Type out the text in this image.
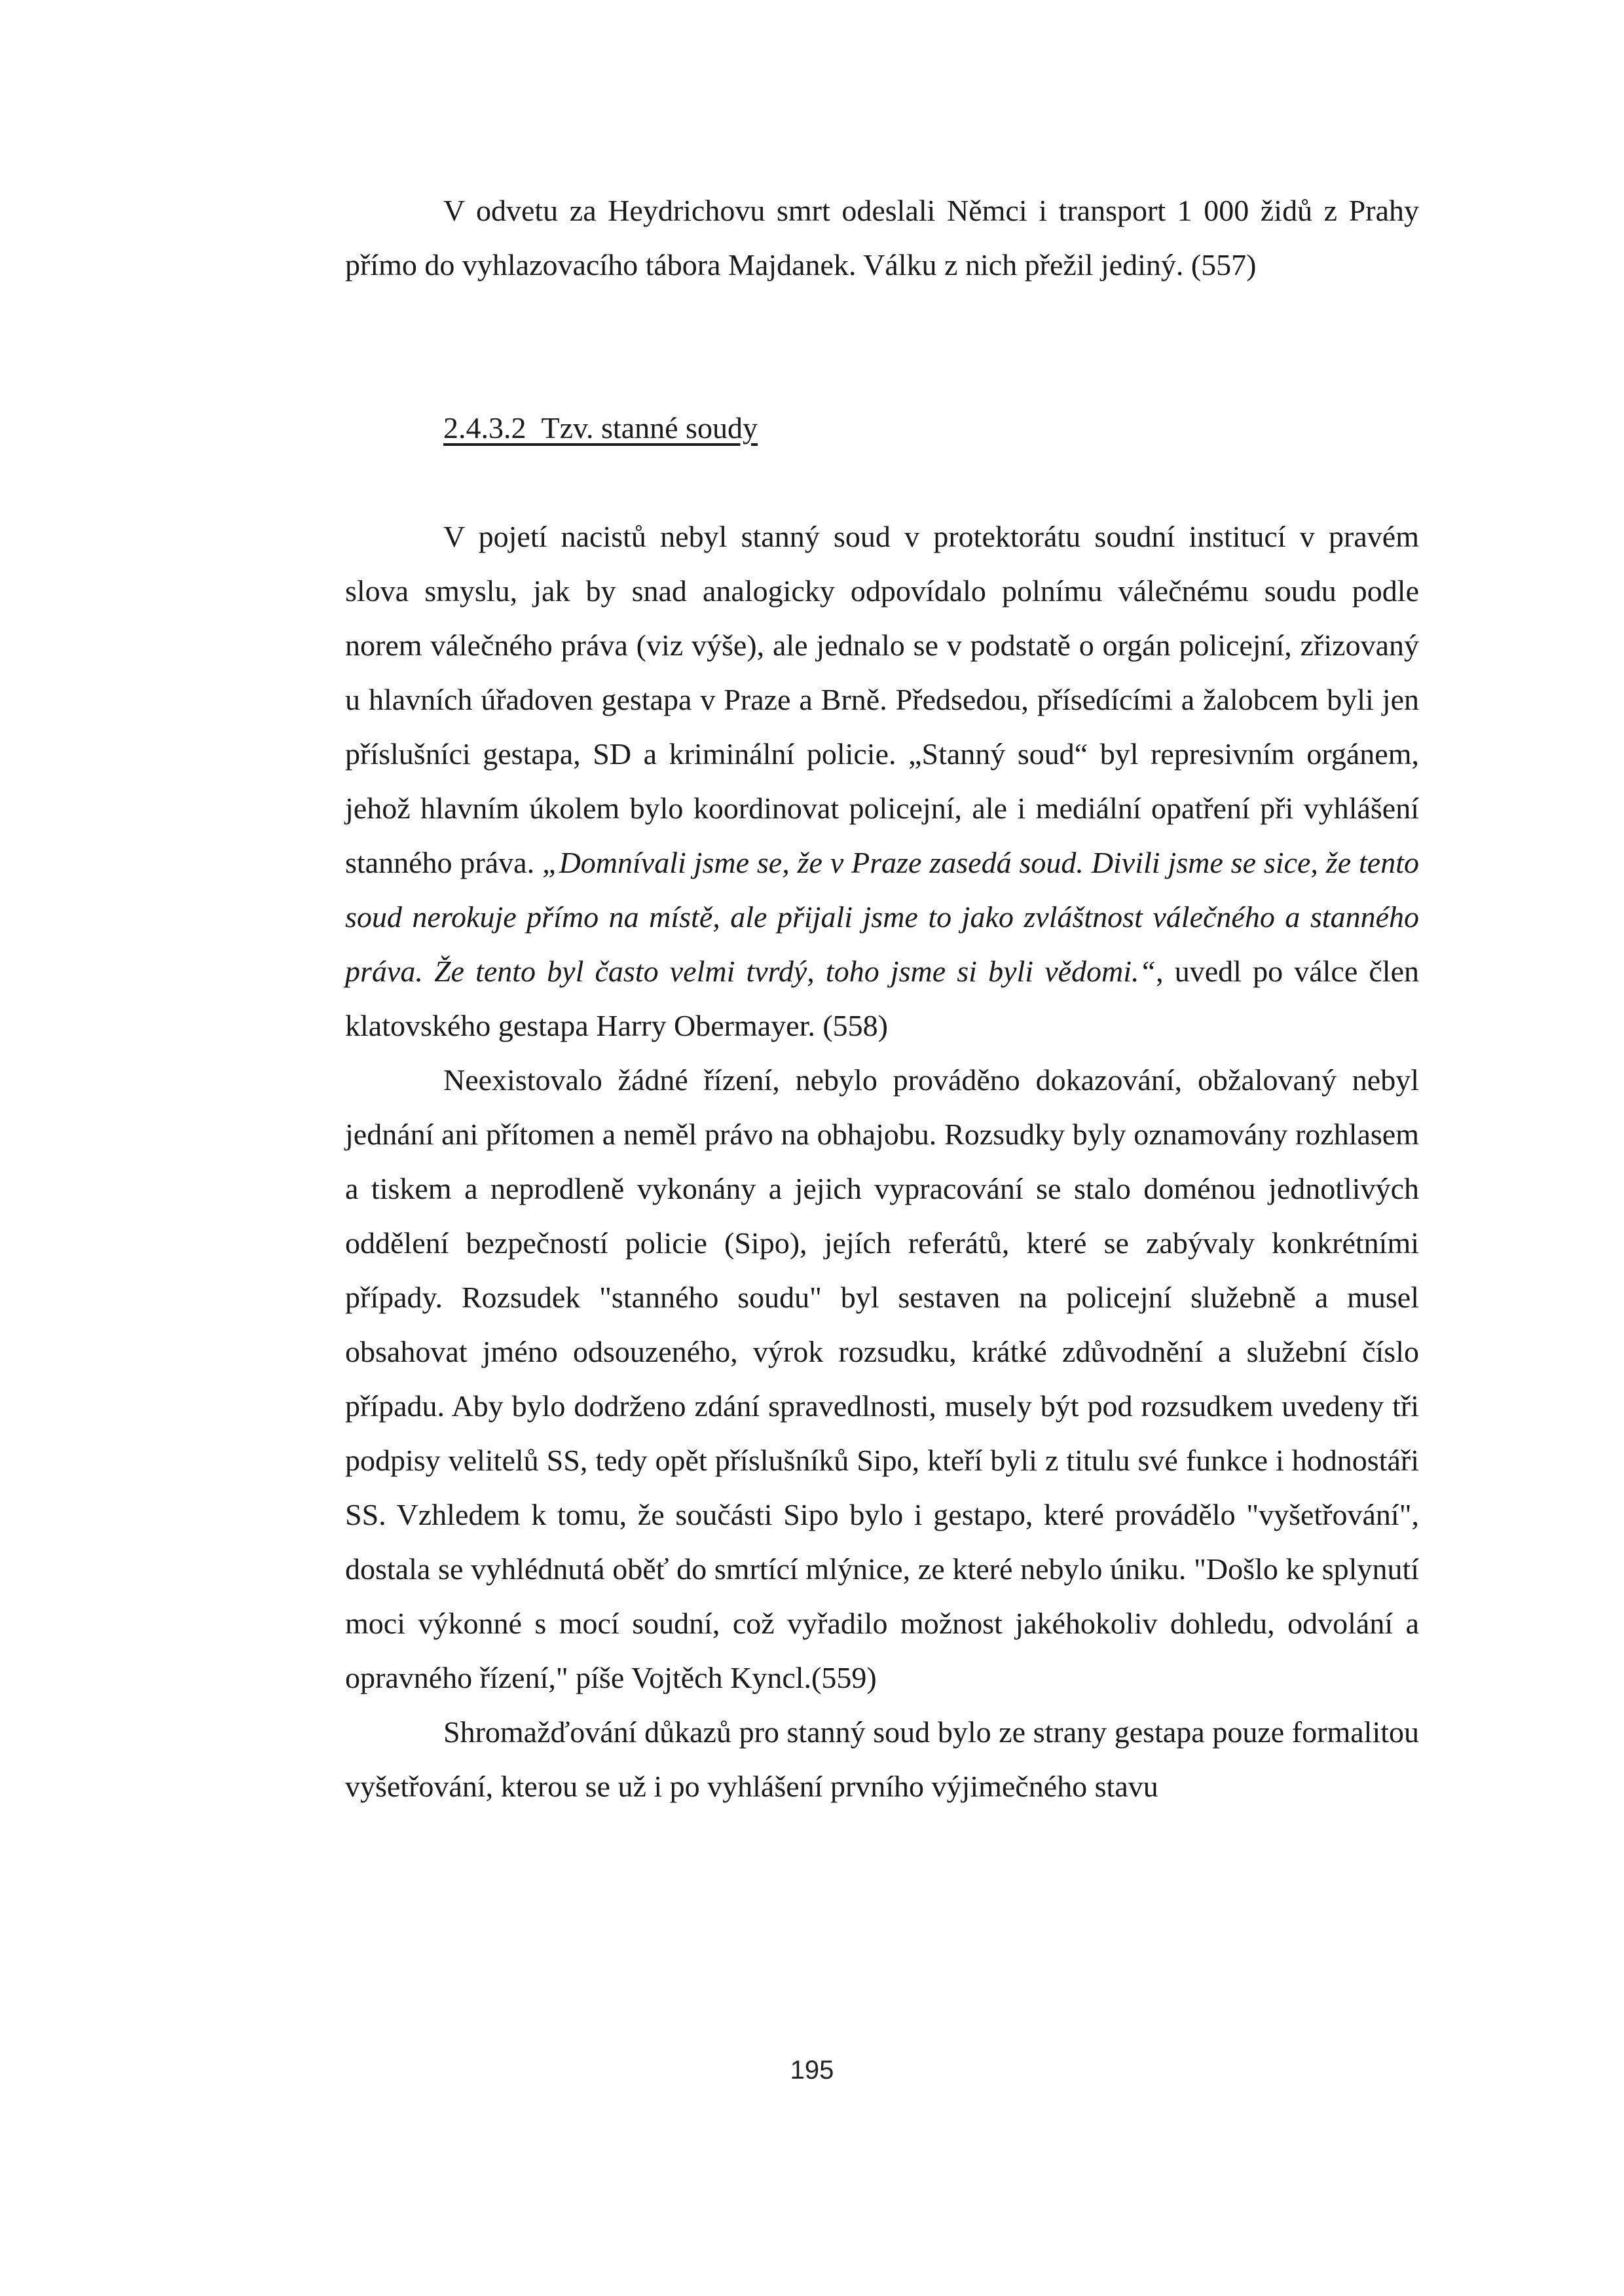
V odvetu za Heydrichovu smrt odeslali Němci i transport 1 000 židů z Prahy přímo do vyhlazovacího tábora Majdanek. Válku z nich přežil jediný. (557)

2.4.3.2 Tzv. stanné soudy

V pojetí nacistů nebyl stanný soud v protektorátu soudní institucí v pravém slova smyslu, jak by snad analogicky odpovídalo polnímu válečnému soudu podle norem válečného práva (viz výše), ale jednalo se v podstatě o orgán policejní, zřizovaný u hlavních úřadoven gestapa v Praze a Brně. Předsedou, přísedícími a žalobcem byli jen příslušníci gestapa, SD a kriminální policie. „Stanný soud“ byl represivním orgánem, jehož hlavním úkolem bylo koordinovat policejní, ale i mediální opatření při vyhlášení stanného práva. „Domnívali jsme se, že v Praze zasedá soud. Divili jsme se sice, že tento soud nerokuje přímo na místě, ale přijali jsme to jako zvláštnost válečného a stanného práva. Že tento byl často velmi tvrdý, toho jsme si byli vědomi.“, uvedl po válce člen klatovského gestapa Harry Obermayer. (558)

Neexistovalo žádné řízení, nebylo prováděno dokazování, obžalovaný nebyl jednání ani přítomen a neměl právo na obhajobu. Rozsudky byly oznamovány rozhlasem a tiskem a neprodleně vykonány a jejich vypracování se stalo doménou jednotlivých oddělení bezpečností policie (Sipo), jejích referátů, které se zabývaly konkrétními případy. Rozsudek "stanného soudu" byl sestaven na policejní služebně a musel obsahovat jméno odsouzeného, výrok rozsudku, krátké zdůvodnění a služební číslo případu. Aby bylo dodrženo zdání spravedlnosti, musely být pod rozsudkem uvedeny tři podpisy velitelů SS, tedy opět příslušníků Sipo, kteří byli z titulu své funkce i hodnostáři SS. Vzhledem k tomu, že součásti Sipo bylo i gestapo, které provádělo "vyšetřování", dostala se vyhlédnutá oběť do smrtící mlýnice, ze které nebylo úniku. "Došlo ke splynutí moci výkonné s mocí soudní, což vyřadilo možnost jakéhokoliv dohledu, odvolání a opravného řízení," píše Vojtěch Kyncl.(559)

Shromažďování důkazů pro stanný soud bylo ze strany gestapa pouze formalitou vyšetřování, kterou se už i po vyhlášení prvního výjimečného stavu

195
